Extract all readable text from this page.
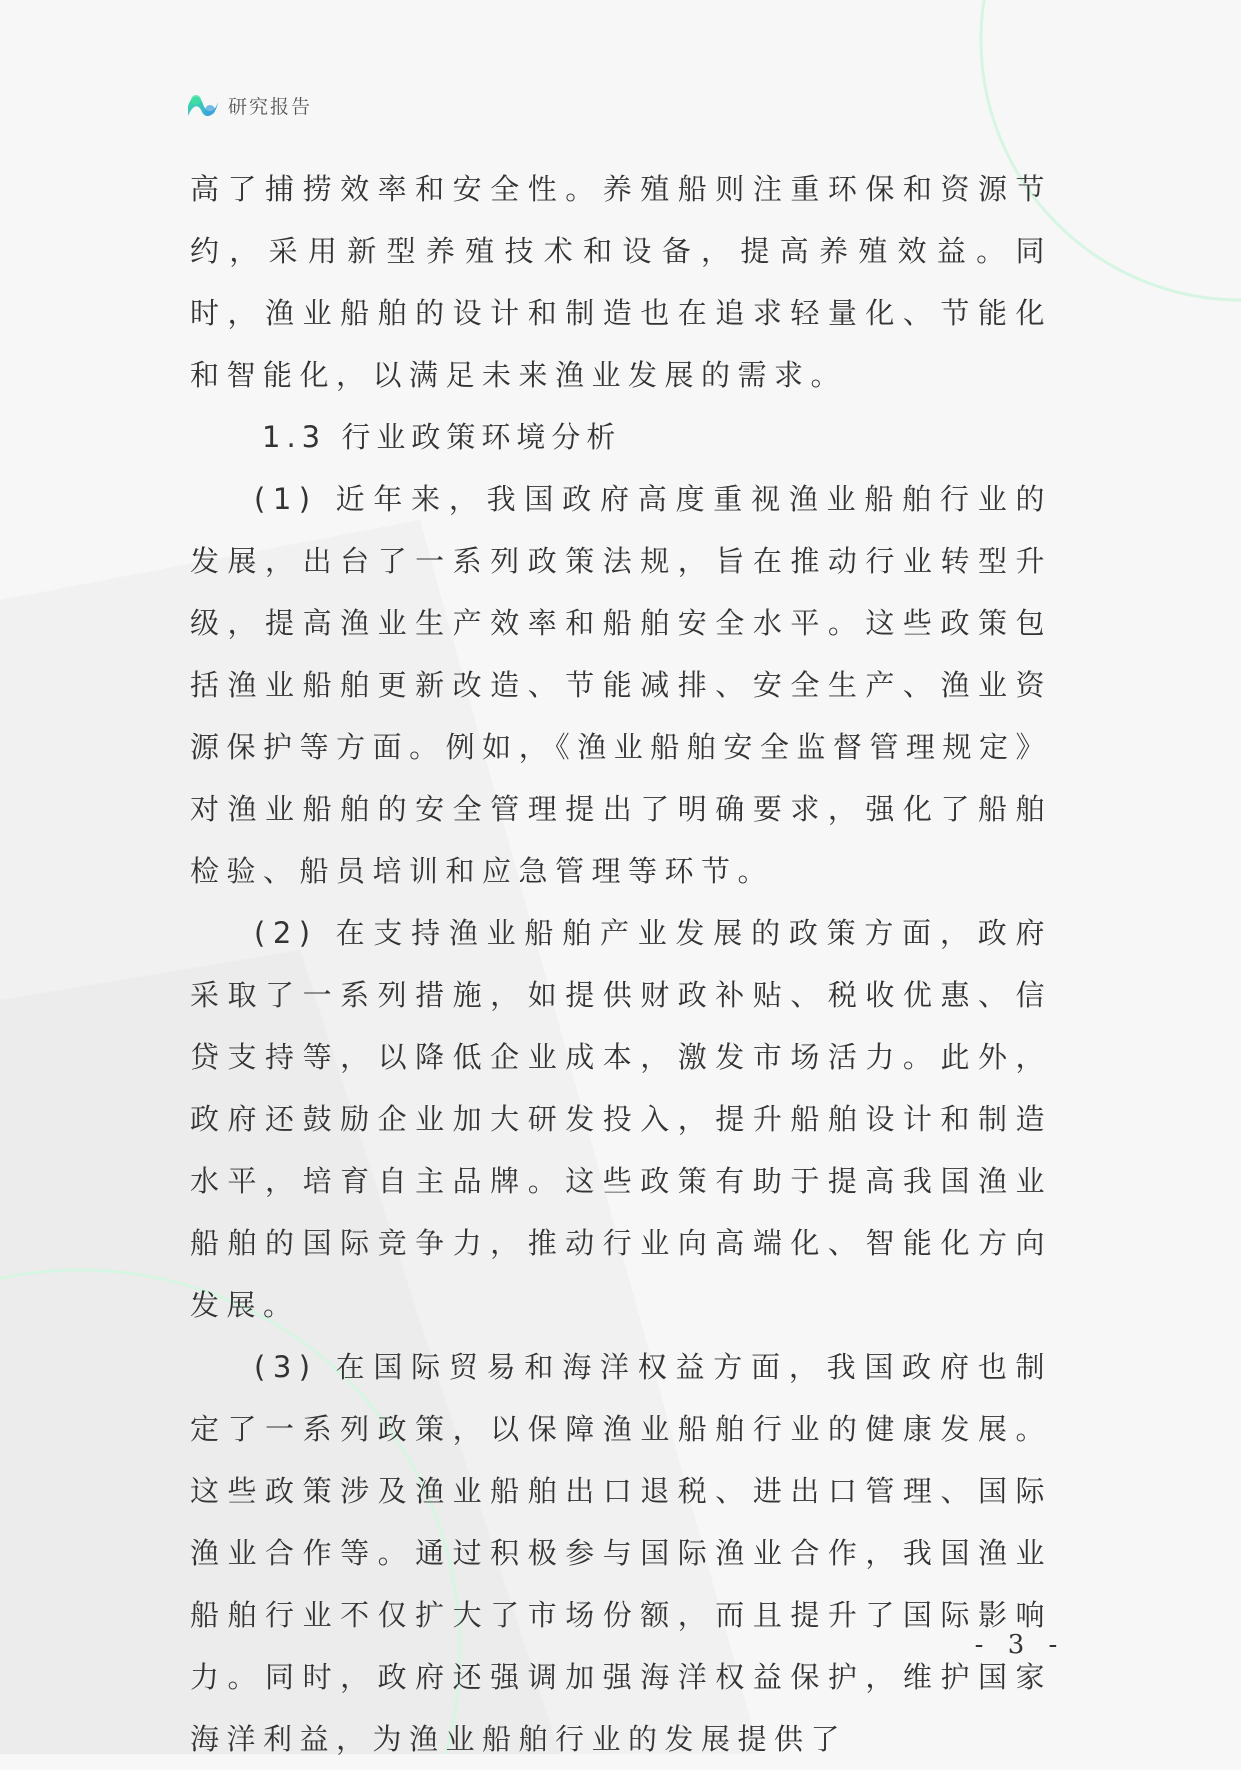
研究报告

高了捕捞效率和安全性。养殖船则注重环保和资源节约，采用新型养殖技术和设备，提高养殖效益。同时，渔业船舶的设计和制造也在追求轻量化、节能化和智能化，以满足未来渔业发展的需求。

1.3 行业政策环境分析

(1) 近年来，我国政府高度重视渔业船舶行业的发展，出台了一系列政策法规，旨在推动行业转型升级，提高渔业生产效率和船舶安全水平。这些政策包括渔业船舶更新改造、节能减排、安全生产、渔业资源保护等方面。例如，《渔业船舶安全监督管理规定》对渔业船舶的安全管理提出了明确要求，强化了船舶检验、船员培训和应急管理等环节。

(2) 在支持渔业船舶产业发展的政策方面，政府采取了一系列措施，如提供财政补贴、税收优惠、信贷支持等，以降低企业成本，激发市场活力。此外，政府还鼓励企业加大研发投入，提升船舶设计和制造水平，培育自主品牌。这些政策有助于提高我国渔业船舶的国际竞争力，推动行业向高端化、智能化方向发展。

(3) 在国际贸易和海洋权益方面，我国政府也制定了一系列政策，以保障渔业船舶行业的健康发展。这些政策涉及渔业船舶出口退税、进出口管理、国际渔业合作等。通过积极参与国际渔业合作，我国渔业船舶行业不仅扩大了市场份额，而且提升了国际影响力。同时，政府还强调加强海洋权益保护，维护国家海洋利益，为渔业船舶行业的发展提供了

- 3 -
